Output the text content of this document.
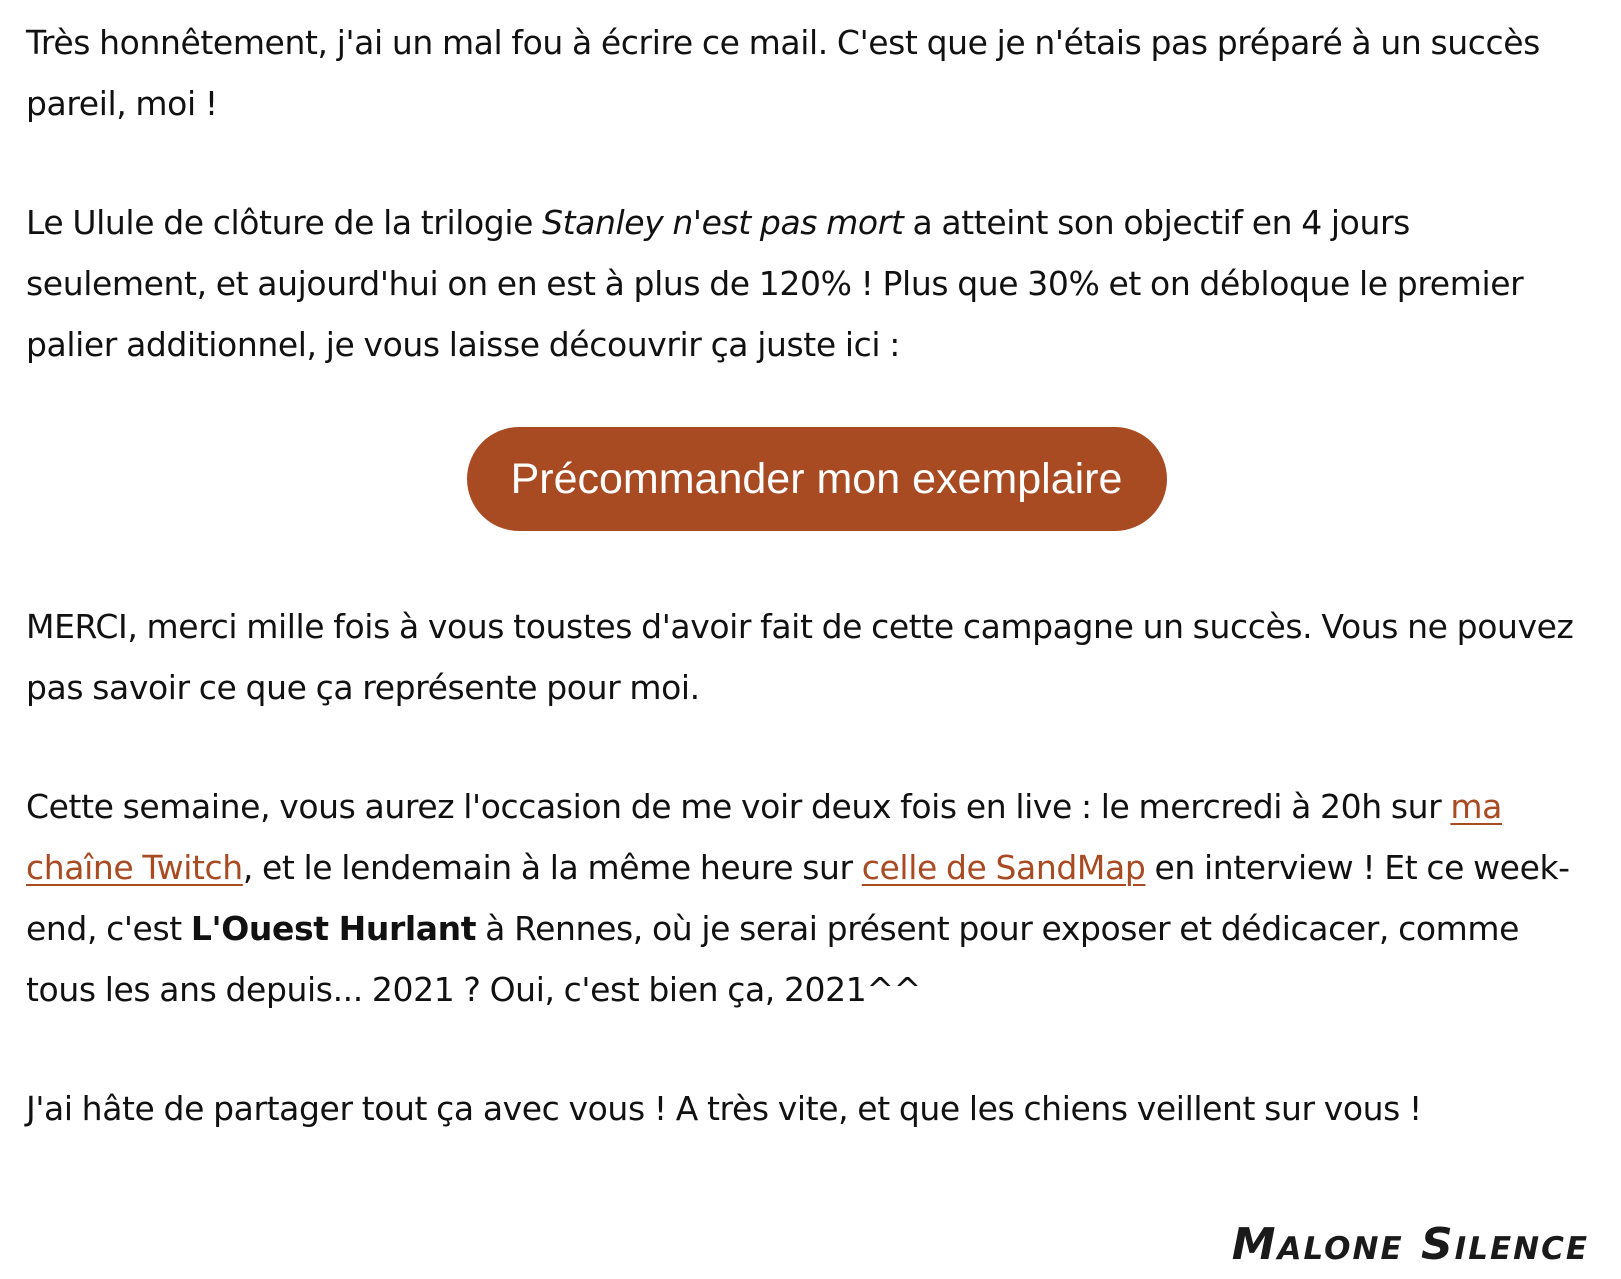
Très honnêtement, j'ai un mal fou à écrire ce mail. C'est que je n'étais pas préparé à un succès pareil, moi !

Le Ulule de clôture de la trilogie Stanley n'est pas mort a atteint son objectif en 4 jours seulement, et aujourd'hui on en est à plus de 120% ! Plus que 30% et on débloque le premier palier additionnel, je vous laisse découvrir ça juste ici :

MERCI, merci mille fois à vous toustes d'avoir fait de cette campagne un succès. Vous ne pouvez pas savoir ce que ça représente pour moi.

Cette semaine, vous aurez l'occasion de me voir deux fois en live : le mercredi à 20h sur ma chaîne Twitch, et le lendemain à la même heure sur celle de SandMap en interview ! Et ce week-end, c'est L'Ouest Hurlant à Rennes, où je serai présent pour exposer et dédicacer, comme tous les ans depuis... 2021 ? Oui, c'est bien ça, 2021^^

J'ai hâte de partager tout ça avec vous ! A très vite, et que les chiens veillent sur vous !

Précommander mon exemplaire
Malone Silence
